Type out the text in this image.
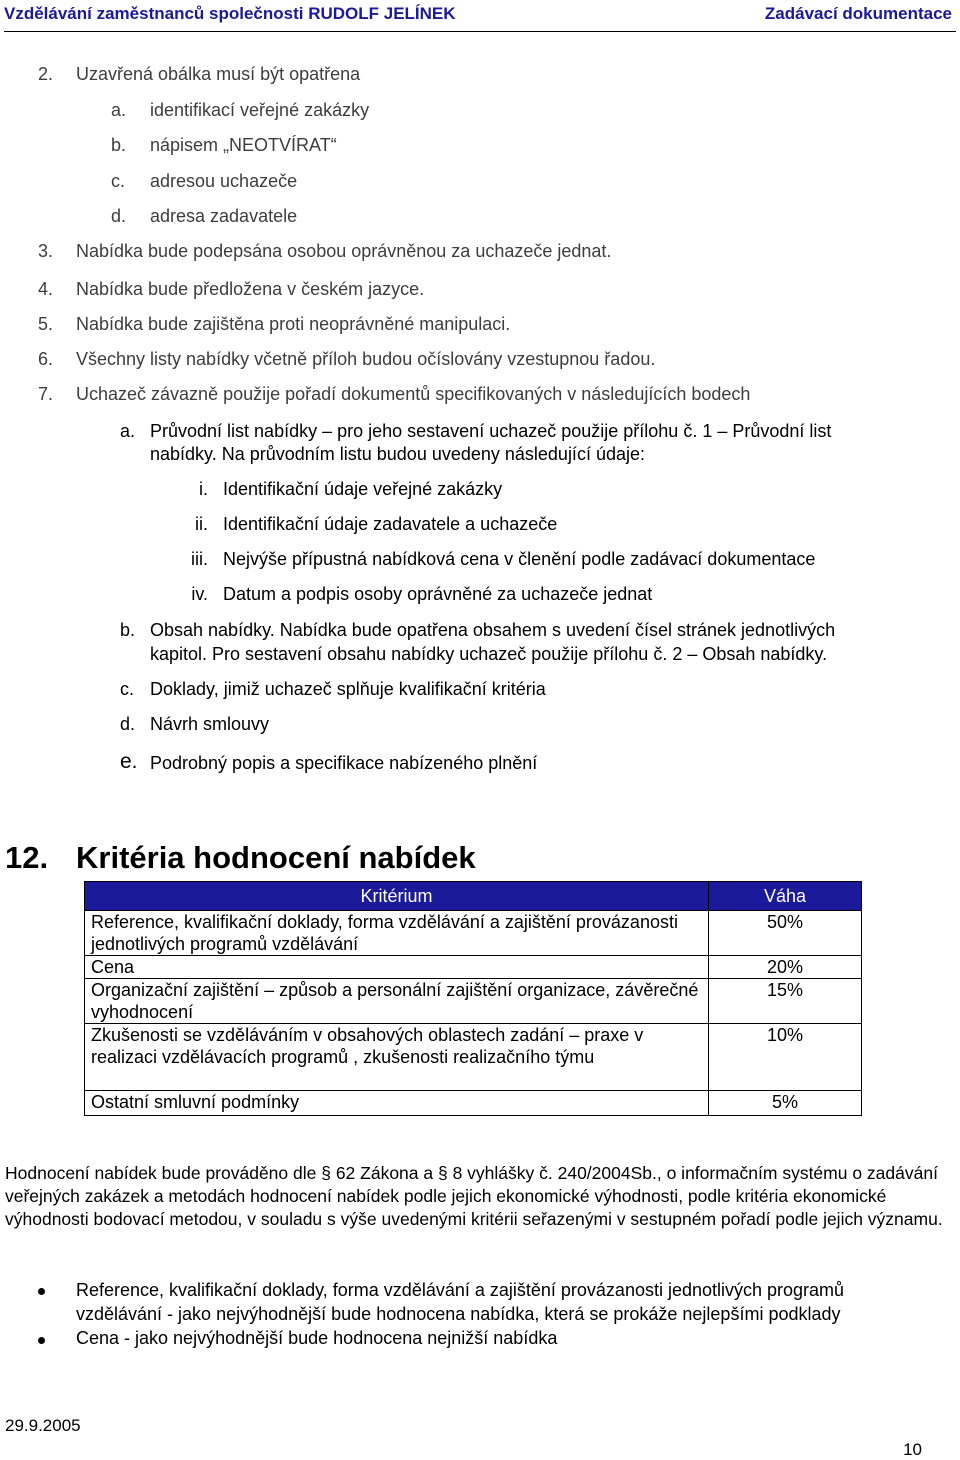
Vzdělávání zaměstnanců společnosti RUDOLF JELÍNEK	Zadávací dokumentace
2. Uzavřená obálka musí být opatřena
a. identifikací veřejné zakázky
b. nápisem „NEOTVÍRAT“
c. adresou uchazeče
d. adresa zadavatele
3. Nabídka bude podepsána osobou oprávněnou za uchazeče jednat.
4. Nabídka bude předložena v českém jazyce.
5. Nabídka bude zajištěna proti neoprávněné manipulaci.
6. Všechny listy nabídky včetně příloh budou očíslovány vzestupnou řadou.
7. Uchazeč závazně použije pořadí dokumentů specifikovaných v následujících bodech
a. Průvodní list nabídky – pro jeho sestavení uchazeč použije přílohu č. 1 – Průvodní list
nabídky. Na průvodním listu budou uvedeny následující údaje:
i. Identifikační údaje veřejné zakázky
ii. Identifikační údaje zadavatele a uchazeče
iii. Nejvýše přípustná nabídková cena v členění podle zadávací dokumentace
iv. Datum a podpis osoby oprávněné za uchazeče jednat
b. Obsah nabídky. Nabídka bude opatřena obsahem s uvedení čísel stránek jednotlivých
kapitol. Pro sestavení obsahu nabídky uchazeč použije přílohu č. 2 – Obsah nabídky.
c. Doklady, jimiž uchazeč splňuje kvalifikační kritéria
d. Návrh smlouvy
e. Podrobný popis a specifikace nabízeného plnění
12. Kritéria hodnocení nabídek
Kritérium	Váha
Reference, kvalifikační doklady, forma vzdělávání a zajištění provázanosti jednotlivých programů vzdělávání	50%
Cena	20%
Organizační zajištění – způsob a personální zajištění organizace, závěrečné vyhodnocení	15%
Zkušenosti se vzděláváním v obsahových oblastech zadání – praxe v realizaci vzdělávacích programů , zkušenosti realizačního týmu	10%
Ostatní smluvní podmínky	5%
Hodnocení nabídek bude prováděno dle § 62 Zákona a § 8 vyhlášky č. 240/2004Sb., o informačním systému o zadávání veřejných zakázek a metodách hodnocení nabídek podle jejich ekonomické výhodnosti, podle kritéria ekonomické výhodnosti bodovací metodou, v souladu s výše uvedenými kritérii seřazenými v sestupném pořadí podle jejich významu.
Reference, kvalifikační doklady, forma vzdělávání a zajištění provázanosti jednotlivých programů
vzdělávání - jako nejvýhodnější bude hodnocena nabídka, která se prokáže nejlepšími podklady
Cena - jako nejvýhodnější bude hodnocena nejnižší nabídka
29.9.2005
10
